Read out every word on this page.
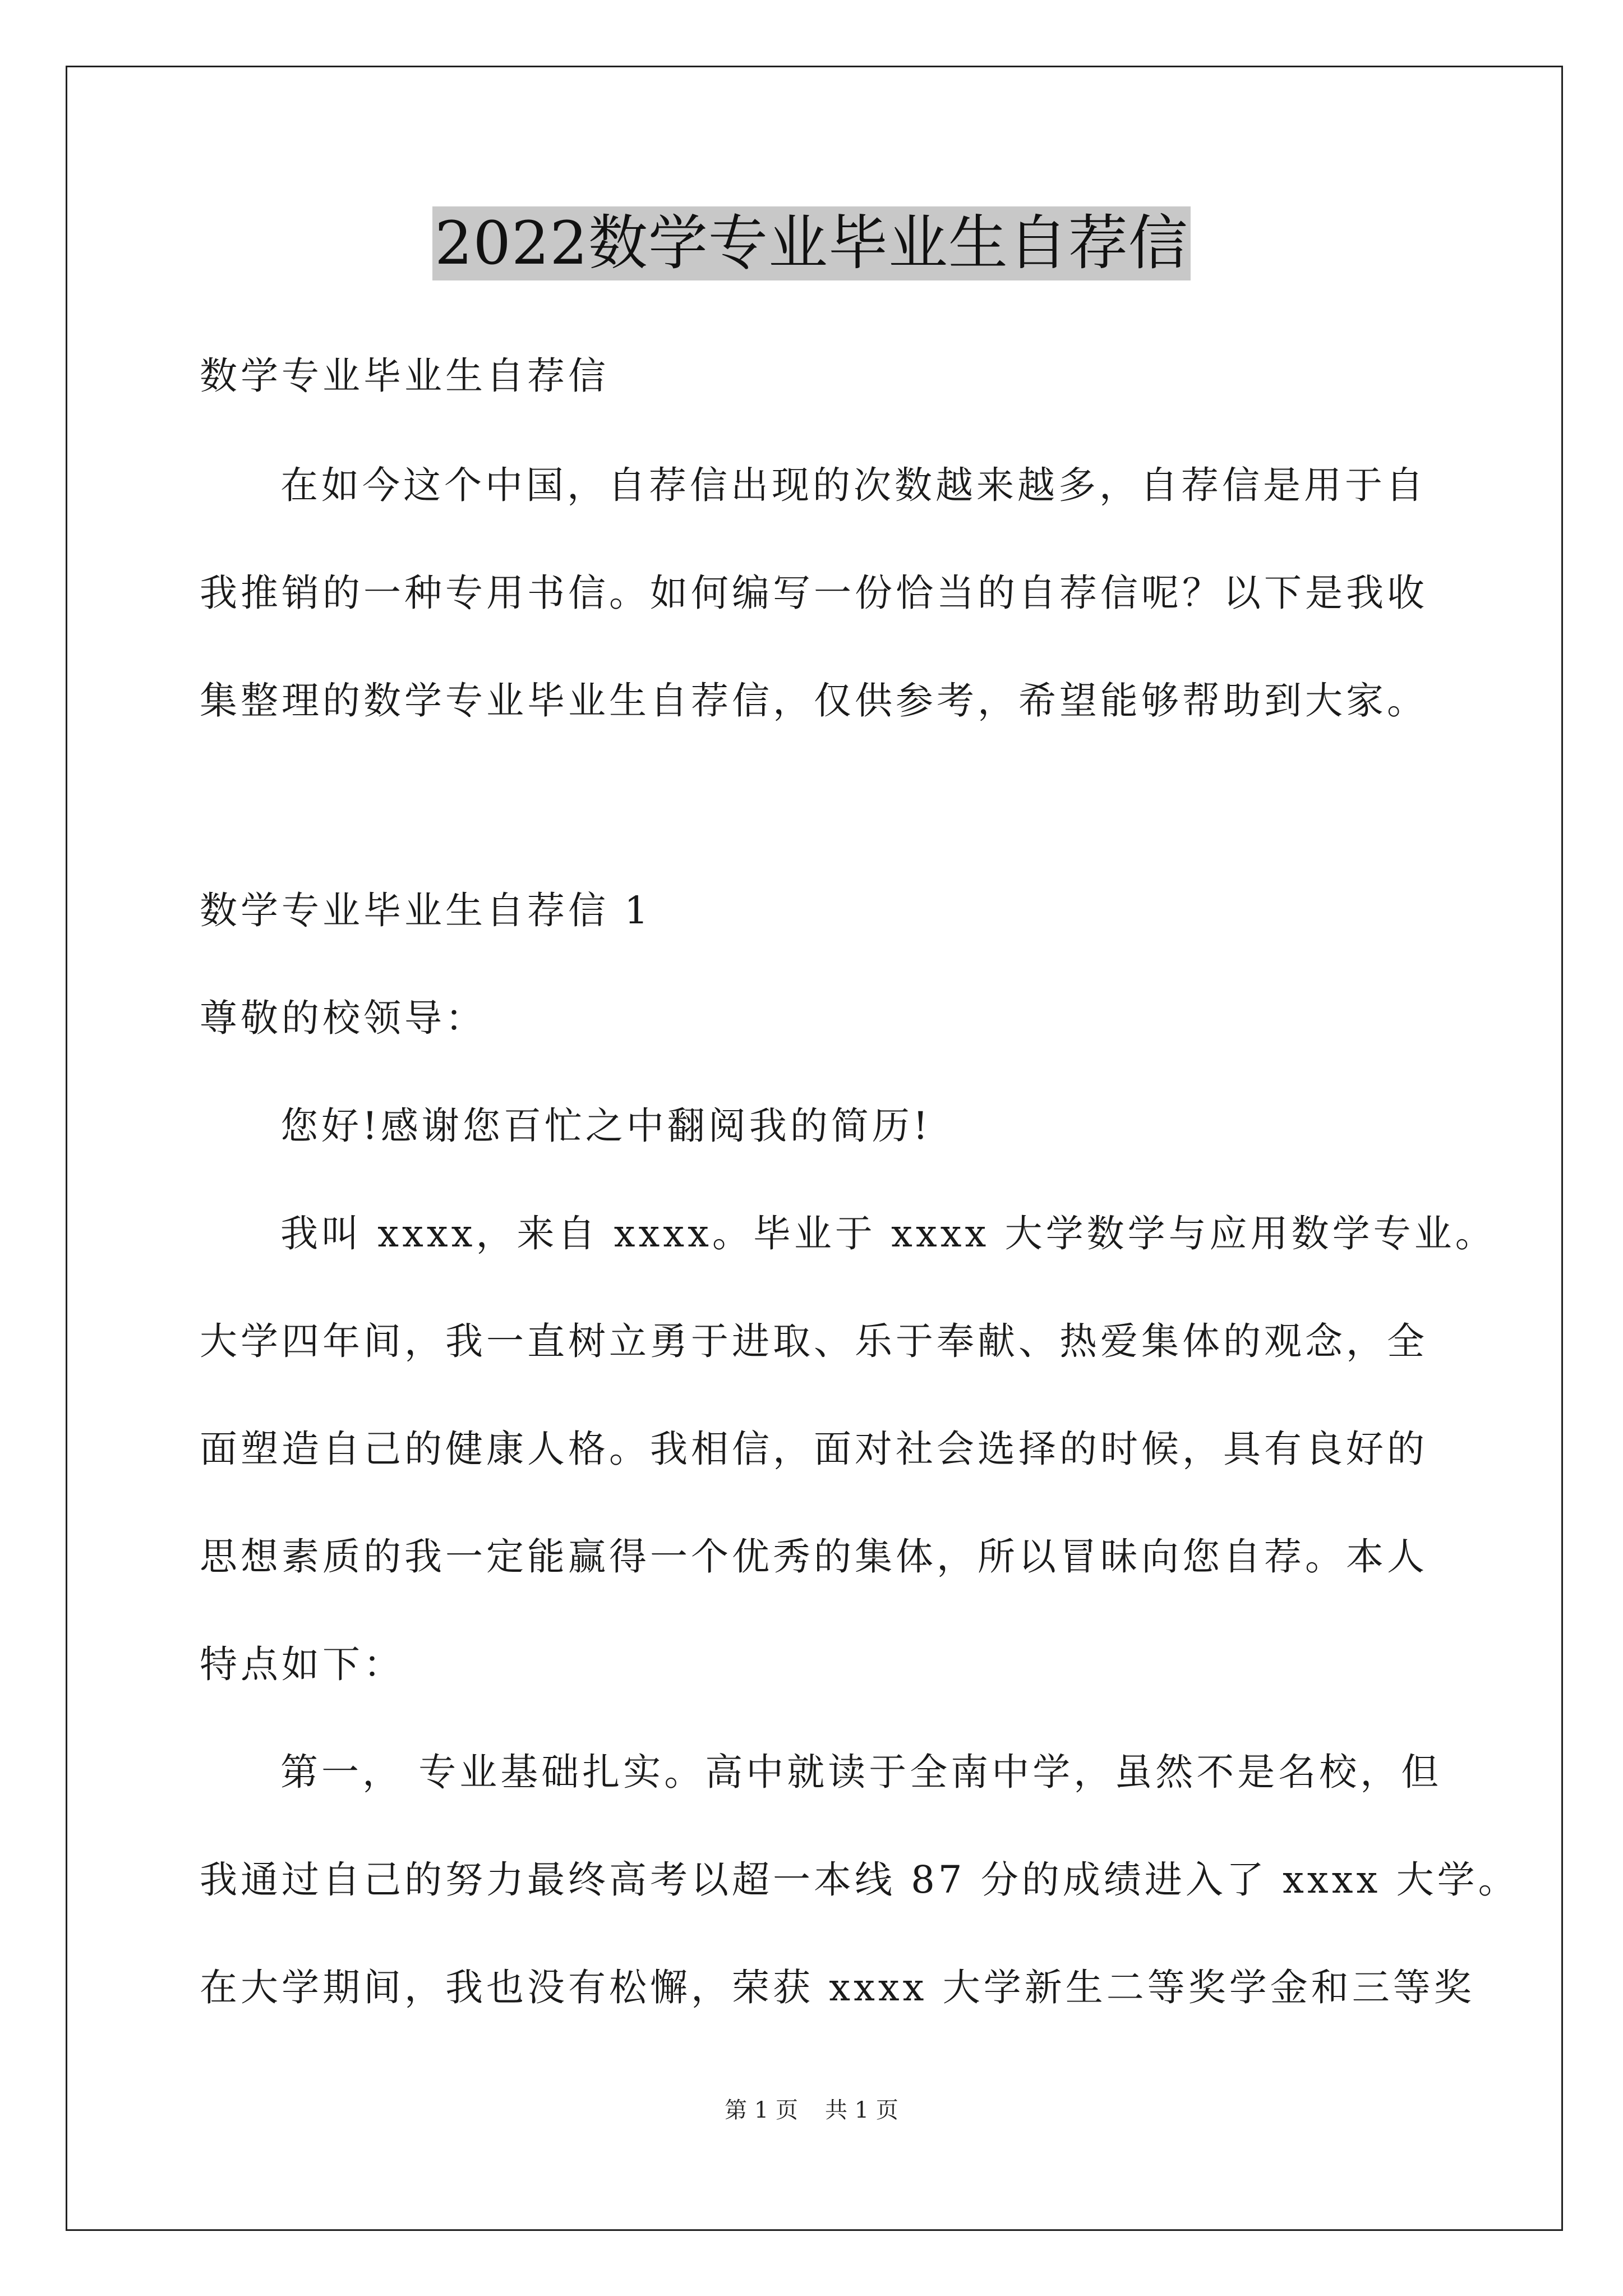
2022数学专业毕业生自荐信
数学专业毕业生自荐信
在如今这个中国，自荐信出现的次数越来越多，自荐信是用于自
我推销的一种专用书信。如何编写一份恰当的自荐信呢？以下是我收
集整理的数学专业毕业生自荐信，仅供参考，希望能够帮助到大家。
数学专业毕业生自荐信 1
尊敬的校领导：
您好!感谢您百忙之中翻阅我的简历!
我叫 xxxx，来自 xxxx。毕业于 xxxx 大学数学与应用数学专业。
大学四年间，我一直树立勇于进取、乐于奉献、热爱集体的观念，全
面塑造自己的健康人格。我相信，面对社会选择的时候，具有良好的
思想素质的我一定能赢得一个优秀的集体，所以冒昧向您自荐。本人
特点如下：
第一， 专业基础扎实。高中就读于全南中学，虽然不是名校，但
我通过自己的努力最终高考以超一本线 87 分的成绩进入了 xxxx 大学。
在大学期间，我也没有松懈，荣获 xxxx 大学新生二等奖学金和三等奖
第 1 页 共 1 页
